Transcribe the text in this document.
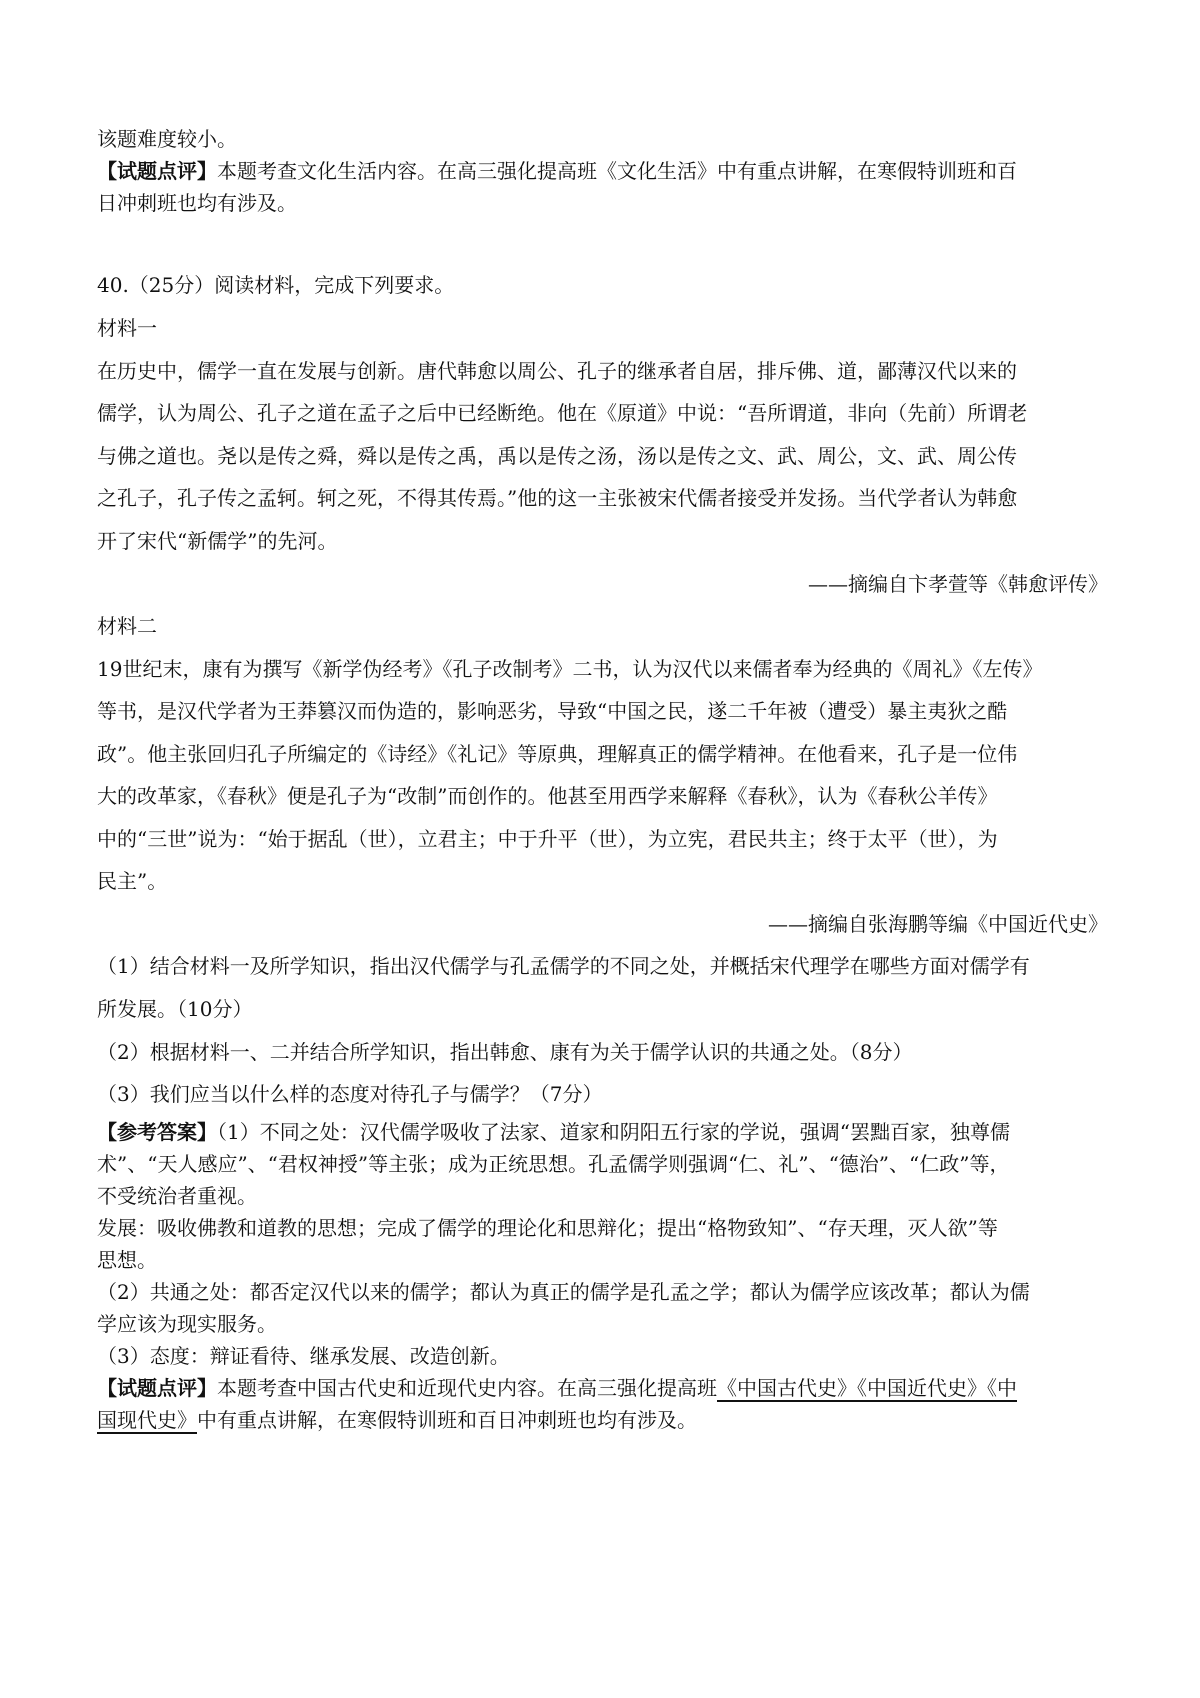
该题难度较小。
【试题点评】本题考查文化生活内容。在高三强化提高班《文化生活》中有重点讲解，在寒假特训班和百
日冲刺班也均有涉及。
40.（25分）阅读材料，完成下列要求。
材料一
在历史中，儒学一直在发展与创新。唐代韩愈以周公、孔子的继承者自居，排斥佛、道，鄙薄汉代以来的
儒学，认为周公、孔子之道在孟子之后中已经断绝。他在《原道》中说：“吾所谓道，非向（先前）所谓老
与佛之道也。尧以是传之舜，舜以是传之禹，禹以是传之汤，汤以是传之文、武、周公，文、武、周公传
之孔子，孔子传之孟轲。轲之死，不得其传焉。”他的这一主张被宋代儒者接受并发扬。当代学者认为韩愈
开了宋代“新儒学”的先河。
——摘编自卞孝萱等《韩愈评传》
材料二
19世纪末，康有为撰写《新学伪经考》《孔子改制考》二书，认为汉代以来儒者奉为经典的《周礼》《左传》
等书，是汉代学者为王莽篡汉而伪造的，影响恶劣，导致“中国之民，遂二千年被（遭受）暴主夷狄之酷
政”。他主张回归孔子所编定的《诗经》《礼记》等原典，理解真正的儒学精神。在他看来，孔子是一位伟
大的改革家，《春秋》便是孔子为“改制”而创作的。他甚至用西学来解释《春秋》，认为《春秋公羊传》
中的“三世”说为：“始于据乱（世），立君主；中于升平（世），为立宪，君民共主；终于太平（世），为
民主”。
——摘编自张海鹏等编《中国近代史》
（1）结合材料一及所学知识，指出汉代儒学与孔孟儒学的不同之处，并概括宋代理学在哪些方面对儒学有
所发展。（10分）
（2）根据材料一、二并结合所学知识，指出韩愈、康有为关于儒学认识的共通之处。（8分）
（3）我们应当以什么样的态度对待孔子与儒学？（7分）
【参考答案】（1）不同之处：汉代儒学吸收了法家、道家和阴阳五行家的学说，强调“罢黜百家，独尊儒
术”、“天人感应”、“君权神授”等主张；成为正统思想。孔孟儒学则强调“仁、礼”、“德治”、“仁政”等，
不受统治者重视。
发展：吸收佛教和道教的思想；完成了儒学的理论化和思辩化；提出“格物致知”、“存天理，灭人欲”等
思想。
（2）共通之处：都否定汉代以来的儒学；都认为真正的儒学是孔孟之学；都认为儒学应该改革；都认为儒
学应该为现实服务。
（3）态度：辩证看待、继承发展、改造创新。
【试题点评】本题考查中国古代史和近现代史内容。在高三强化提高班《中国古代史》《中国近代史》《中
国现代史》中有重点讲解，在寒假特训班和百日冲刺班也均有涉及。
